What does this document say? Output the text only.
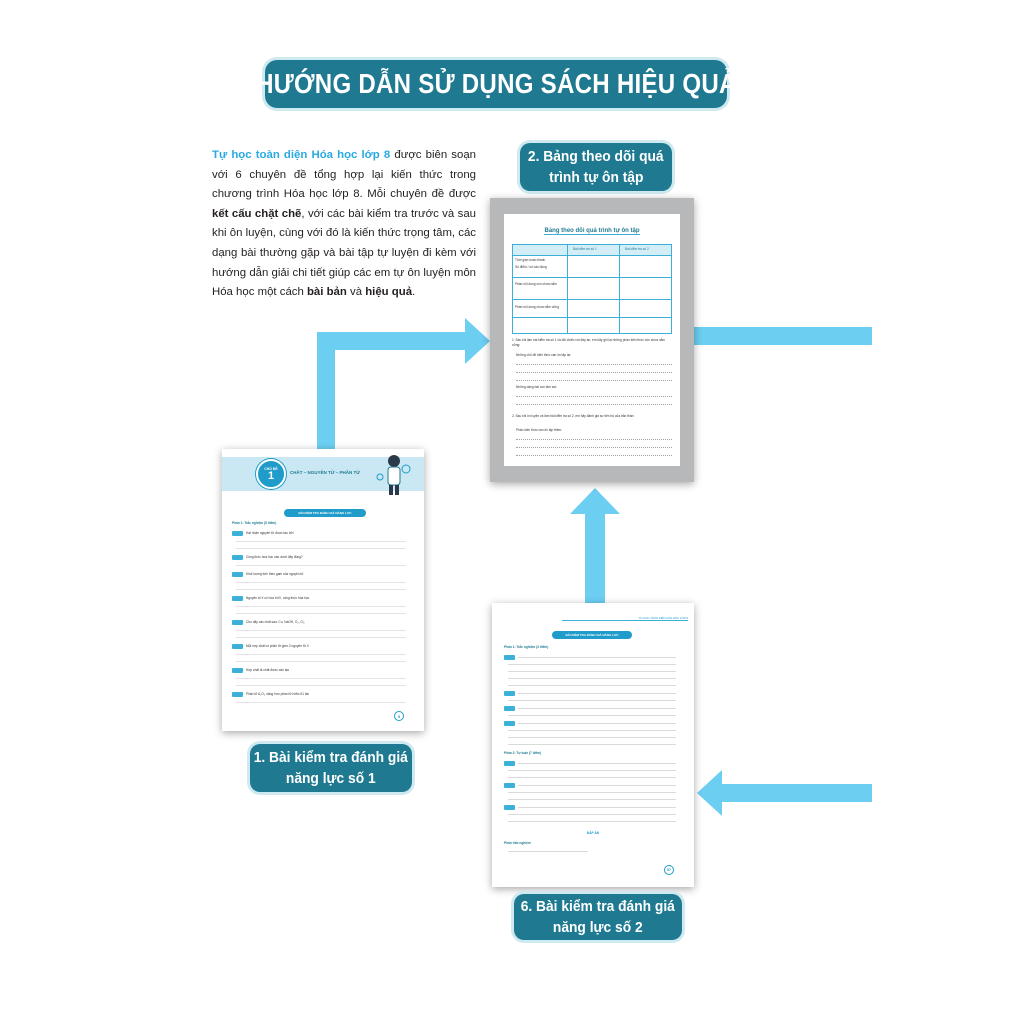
HƯỚNG DẪN SỬ DỤNG SÁCH HIỆU QUẢ
Tự học toàn diện Hóa học lớp 8 được biên soạn với 6 chuyên đề tổng hợp lại kiến thức trong chương trình Hóa học lớp 8. Mỗi chuyên đề được kết cấu chặt chẽ, với các bài kiểm tra trước và sau khi ôn luyện, cùng với đó là kiến thức trọng tâm, các dạng bài thường gặp và bài tập tự luyện đi kèm với hướng dẫn giải chi tiết giúp các em tự ôn luyện môn Hóa học một cách bài bản và hiệu quả.
2. Bảng theo dõi quá
trình tự ôn tập
Bảng theo dõi quá trình tự ôn tập
Bài kiểm tra số 1	Bài kiểm tra số 2
Thời gian hoàn thành
Số điểm / số câu đúng
Phần nội dung còn chưa nắm
Phần nội dung chưa nắm vững
1. Sau khi làm bài kiểm tra số 1 và đối chiếu với đáp án, em hãy ghi lại những phần kiến thức còn chưa nắm vững:
Những chủ đề kiến thức cần ôn tập lại:
Những dạng bài còn làm sai:
2. Sau khi ôn luyện và làm bài kiểm tra số 2, em hãy đánh giá sự tiến bộ của bản thân:
Phần kiến thức cần ôn tập thêm:
CHỦ ĐỀ
1	CHẤT – NGUYÊN TỬ – PHÂN TỬ
BÀI KIỂM TRA ĐÁNH GIÁ NĂNG LỰC
Phần 1: Trắc nghiệm (5 điểm)
Hạt nhân nguyên tử được tạo bởi
Công thức hóa học nào dưới đây đúng?
Khối lượng tính theo gam của nguyên tử
Nguyên tố X có hóa trị III, công thức hóa học
Cho dãy các chất sau: Cu, NaOH, O₂, Cl₂
Một hợp chất có phân tử gồm 2 nguyên tử X
Hợp chất là chất được cấu tạo
Phân tử A₂O₃ nặng hơn phân tử hiđro 51 lần
5
1. Bài kiểm tra đánh giá
năng lực số 1
TỰ HỌC TOÀN DIỆN HÓA HỌC LỚP 8
BÀI KIỂM TRA ĐÁNH GIÁ NĂNG LỰC
Phần 1: Trắc nghiệm (3 điểm)
Phần 2: Tự luận (7 điểm)
ĐÁP ÁN
Phần trắc nghiệm
57
6. Bài kiểm tra đánh giá
năng lực số 2
